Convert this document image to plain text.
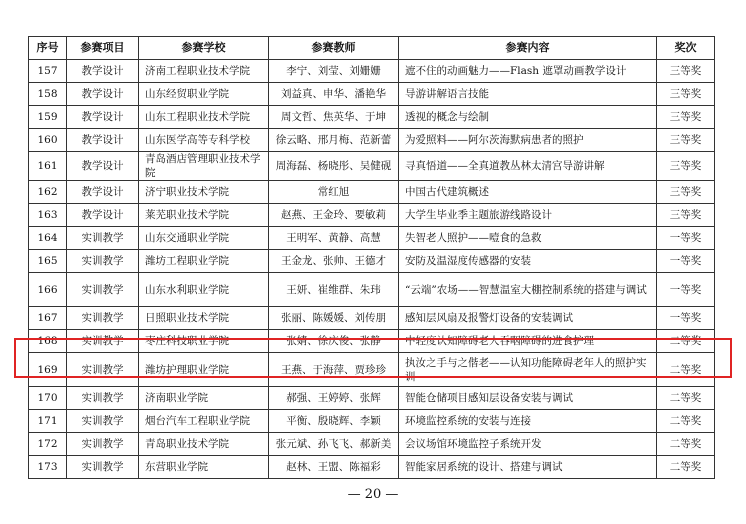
序号	参赛项目	参赛学校	参赛教师	参赛内容	奖次
157	教学设计	济南工程职业技术学院	李宁、刘莹、刘姗姗	遮不住的动画魅力——Flash 遮罩动画教学设计	三等奖
158	教学设计	山东经贸职业学院	刘益真、申华、潘艳华	导游讲解语言技能	三等奖
159	教学设计	山东工程职业技术学院	周文哲、焦英华、于坤	透视的概念与绘制	三等奖
160	教学设计	山东医学高等专科学校	徐云略、邢月梅、范新蕾	为爱照料——阿尔茨海默病患者的照护	三等奖
161	教学设计	青岛酒店管理职业技术学院	周海磊、杨晓彤、吴健砚	寻真悟道——全真道教丛林太清宫导游讲解	三等奖
162	教学设计	济宁职业技术学院	常红旭	中国古代建筑概述	三等奖
163	教学设计	莱芜职业技术学院	赵燕、王金玲、要敏莉	大学生毕业季主题旅游线路设计	三等奖
164	实训教学	山东交通职业学院	王明军、黄静、高慧	失智老人照护——噎食的急救	一等奖
165	实训教学	潍坊工程职业学院	王金龙、张帅、王德才	安防及温湿度传感器的安装	一等奖
166	实训教学	山东水利职业学院	王妍、崔维群、朱玮	“云端”农场——智慧温室大棚控制系统的搭建与调试	一等奖
167	实训教学	日照职业技术学院	张丽、陈媛媛、刘传朋	感知层风扇及报警灯设备的安装调试	一等奖
168	实训教学	枣庄科技职业学院	张婧、徐庆俊、张静	中轻度认知障碍老人吞咽障碍的进食护理	二等奖
169	实训教学	潍坊护理职业学院	王燕、于海萍、贾珍珍	执汝之手与之偕老——认知功能障碍老年人的照护实训	二等奖
170	实训教学	济南职业学院	郝强、王婷婷、张辉	智能仓储项目感知层设备安装与调试	二等奖
171	实训教学	烟台汽车工程职业学院	平衡、殷晓辉、李颖	环境监控系统的安装与连接	二等奖
172	实训教学	青岛职业技术学院	张元斌、孙飞飞、郝新美	会议场馆环境监控子系统开发	二等奖
173	实训教学	东营职业学院	赵林、王盟、陈福彩	智能家居系统的设计、搭建与调试	二等奖
— 20 —
